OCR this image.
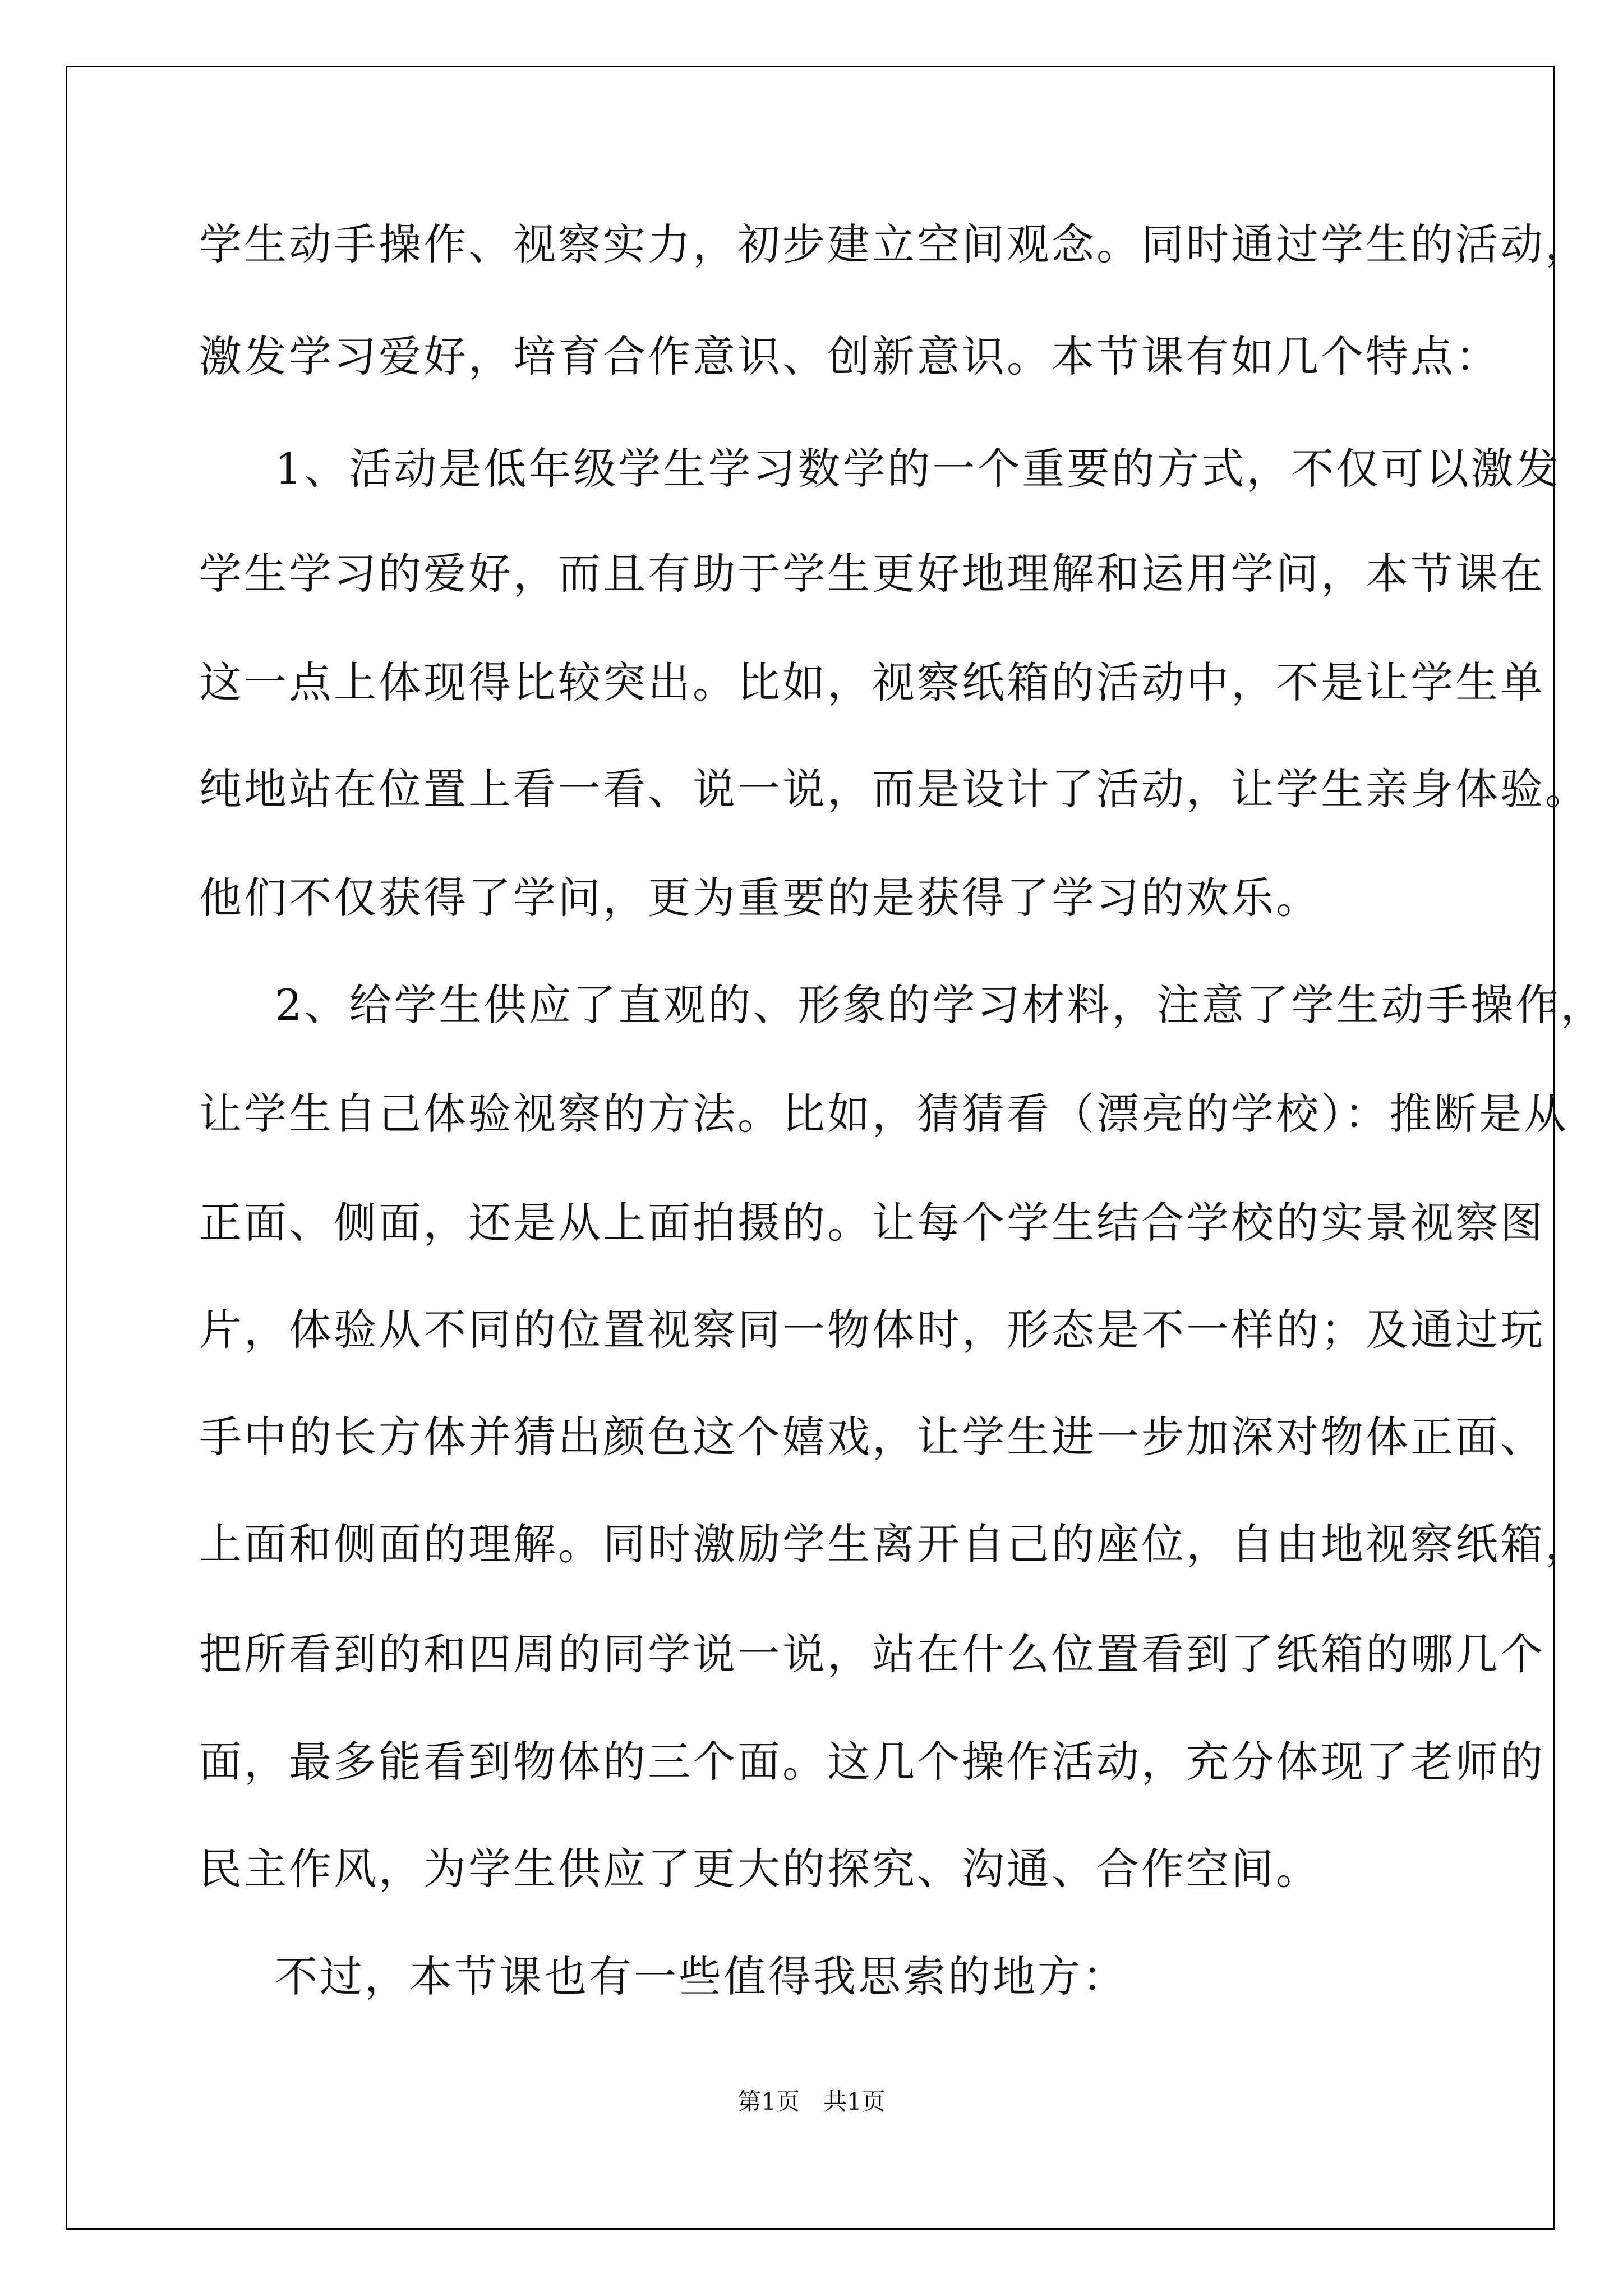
学生动手操作、视察实力，初步建立空间观念。同时通过学生的活动，
激发学习爱好，培育合作意识、创新意识。本节课有如几个特点：
1、活动是低年级学生学习数学的一个重要的方式，不仅可以激发
学生学习的爱好，而且有助于学生更好地理解和运用学问，本节课在
这一点上体现得比较突出。比如，视察纸箱的活动中，不是让学生单
纯地站在位置上看一看、说一说，而是设计了活动，让学生亲身体验。
他们不仅获得了学问，更为重要的是获得了学习的欢乐。
2、给学生供应了直观的、形象的学习材料，注意了学生动手操作，
让学生自己体验视察的方法。比如，猜猜看（漂亮的学校）：推断是从
正面、侧面，还是从上面拍摄的。让每个学生结合学校的实景视察图
片，体验从不同的位置视察同一物体时，形态是不一样的；及通过玩
手中的长方体并猜出颜色这个嬉戏，让学生进一步加深对物体正面、
上面和侧面的理解。同时激励学生离开自己的座位，自由地视察纸箱，
把所看到的和四周的同学说一说，站在什么位置看到了纸箱的哪几个
面，最多能看到物体的三个面。这几个操作活动，充分体现了老师的
民主作风，为学生供应了更大的探究、沟通、合作空间。
不过，本节课也有一些值得我思索的地方：
第1页　共1页
